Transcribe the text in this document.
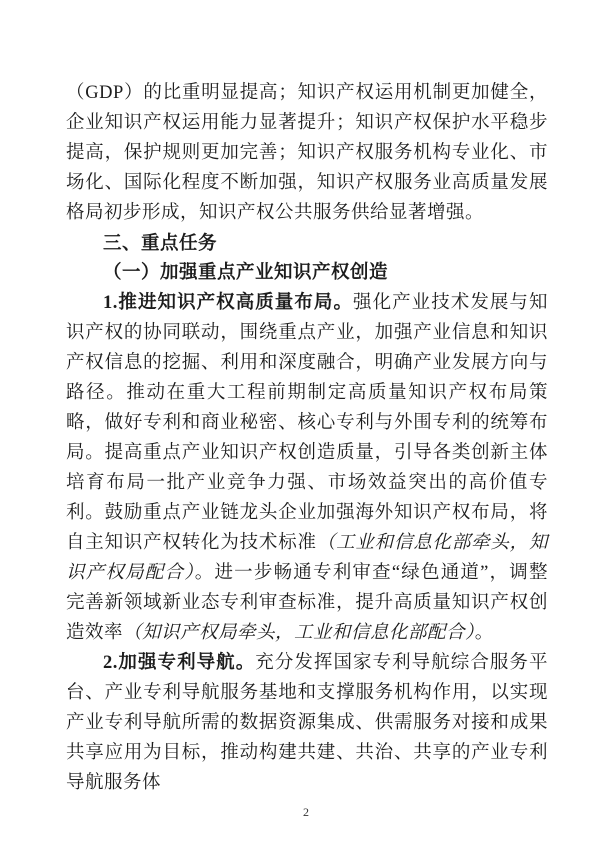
（GDP）的比重明显提高；知识产权运用机制更加健全，企业知识产权运用能力显著提升；知识产权保护水平稳步提高，保护规则更加完善；知识产权服务机构专业化、市场化、国际化程度不断加强，知识产权服务业高质量发展格局初步形成，知识产权公共服务供给显著增强。

三、重点任务
（一）加强重点产业知识产权创造

1.推进知识产权高质量布局。强化产业技术发展与知识产权的协同联动，围绕重点产业，加强产业信息和知识产权信息的挖掘、利用和深度融合，明确产业发展方向与路径。推动在重大工程前期制定高质量知识产权布局策略，做好专利和商业秘密、核心专利与外围专利的统筹布局。提高重点产业知识产权创造质量，引导各类创新主体培育布局一批产业竞争力强、市场效益突出的高价值专利。鼓励重点产业链龙头企业加强海外知识产权布局，将自主知识产权转化为技术标准（工业和信息化部牵头，知识产权局配合）。进一步畅通专利审查“绿色通道”，调整完善新领域新业态专利审查标准，提升高质量知识产权创造效率（知识产权局牵头，工业和信息化部配合）。

2.加强专利导航。充分发挥国家专利导航综合服务平台、产业专利导航服务基地和支撑服务机构作用，以实现产业专利导航所需的数据资源集成、供需服务对接和成果共享应用为目标，推动构建共建、共治、共享的产业专利导航服务体

2
